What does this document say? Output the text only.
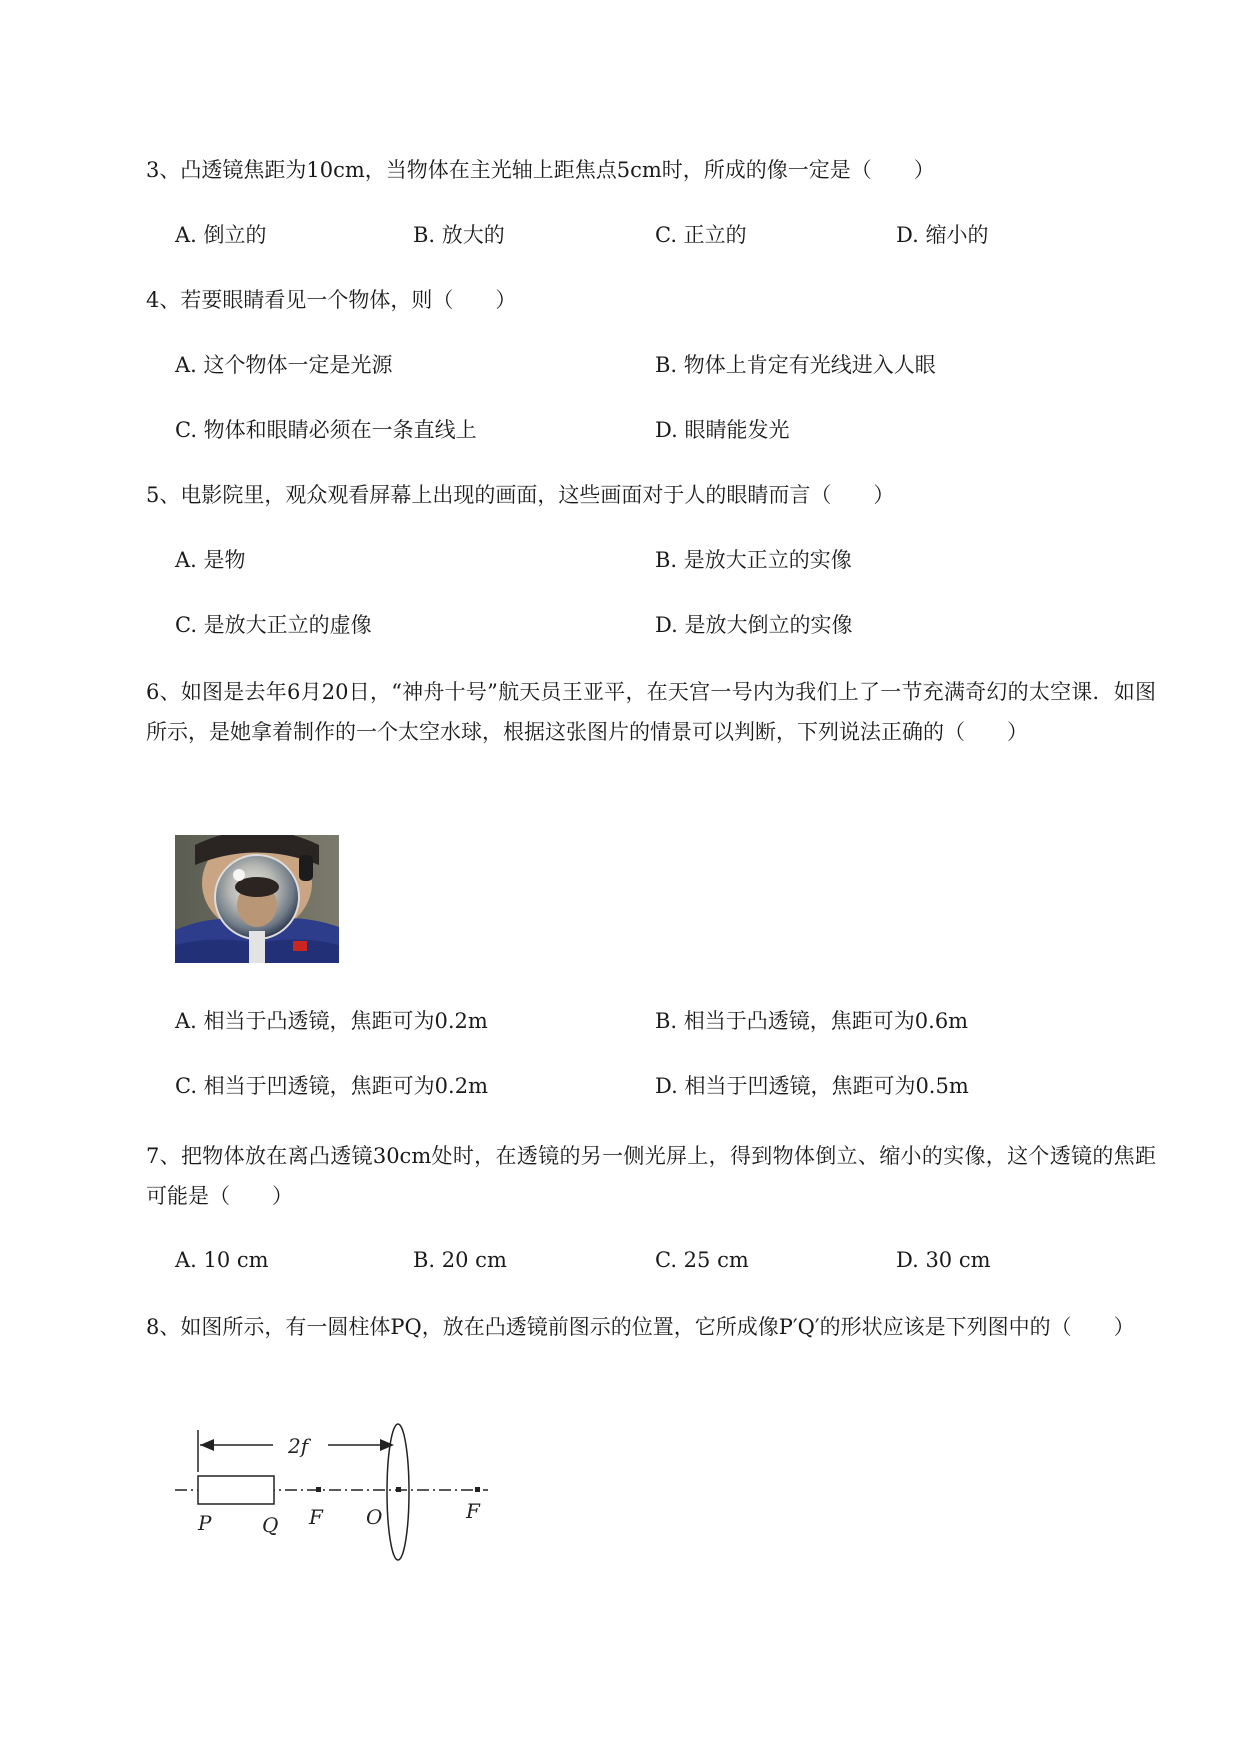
3、凸透镜焦距为10cm，当物体在主光轴上距焦点5cm时，所成的像一定是（　　）
A. 倒立的	B. 放大的	C. 正立的	D. 缩小的
4、若要眼睛看见一个物体，则（　　）
A. 这个物体一定是光源	B. 物体上肯定有光线进入人眼
C. 物体和眼睛必须在一条直线上	D. 眼睛能发光
5、电影院里，观众观看屏幕上出现的画面，这些画面对于人的眼睛而言（　　）
A. 是物	B. 是放大正立的实像
C. 是放大正立的虚像	D. 是放大倒立的实像
6、如图是去年6月20日，“神舟十号”航天员王亚平，在天宫一号内为我们上了一节充满奇幻的太空课．如图所示，是她拿着制作的一个太空水球，根据这张图片的情景可以判断，下列说法正确的（　　）
A. 相当于凸透镜，焦距可为0.2m	B. 相当于凸透镜，焦距可为0.6m
C. 相当于凹透镜，焦距可为0.2m	D. 相当于凹透镜，焦距可为0.5m
7、把物体放在离凸透镜30cm处时，在透镜的另一侧光屏上，得到物体倒立、缩小的实像，这个透镜的焦距可能是（　　）
A. 10 cm	B. 20 cm	C. 25 cm	D. 30 cm
8、如图所示，有一圆柱体PQ，放在凸透镜前图示的位置，它所成像P′Q′的形状应该是下列图中的（　　）
2f
P	Q F O	F
